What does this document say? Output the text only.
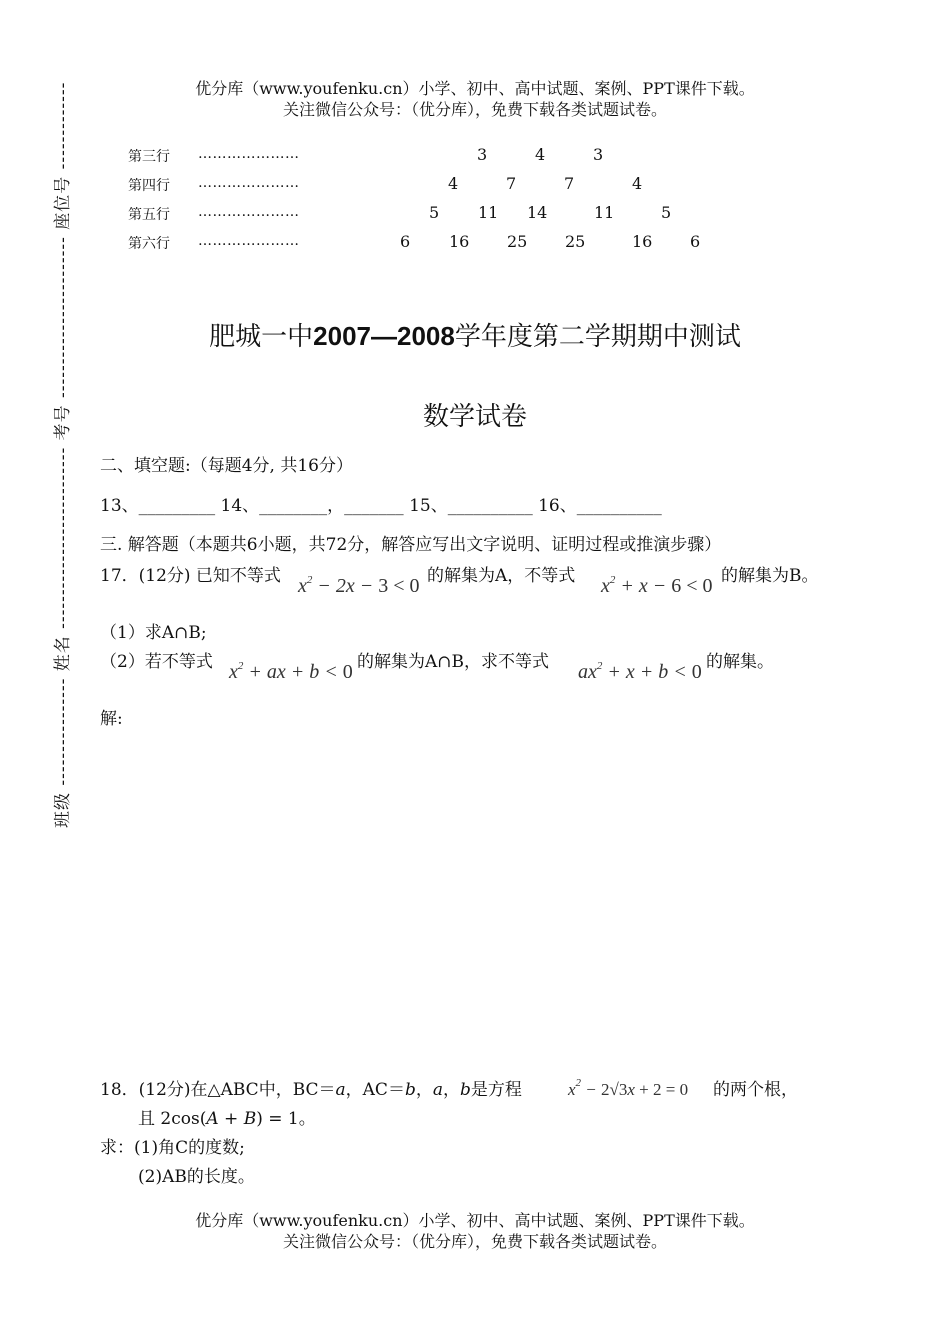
优分库（www.youfenku.cn）小学、初中、高中试题、案例、PPT课件下载。
关注微信公众号：（优分库），免费下载各类试题试卷。
第三行 …………………	3	4	3
第四行 …………………	4	7	7	4
第五行 …………………	5 11 14	11	5
第六行 …………………	6 16 25 25	16 6
班级 ---------------- 姓名 --------------------------- 考号 ------------------------ 座位号 -------------	肥城一中2007—2008学年度第二学期期中测试
数学试卷
二、填空题:（每题4分, 共16分）
13、_________ 14、________，_______ 15、__________ 16、__________
三. 解答题（本题共6小题，共72分，解答应写出文字说明、证明过程或推演步骤）
17．(12分) 已知不等式 $x^2 - 2x - 3 < 0$ 的解集为A，不等式 $x^2 + x - 6 < 0$ 的解集为B。
（1）求A∩B;
（2）若不等式 $x^2$ + ax + b < 0 的解集为A∩B，求不等式 $ax^2 + x + b < 0$ 的解集。
解:
18．(12分)在△ABC中，BC＝a，AC＝b，a，b是方程	$x^2 - 2√3x + 2 = 0$ 的两个根，
且 2cos(A + B) = 1。
求：(1)角C的度数;
(2)AB的长度。
优分库（www.youfenku.cn）小学、初中、高中试题、案例、PPT课件下载。
关注微信公众号：（优分库），免费下载各类试题试卷。
